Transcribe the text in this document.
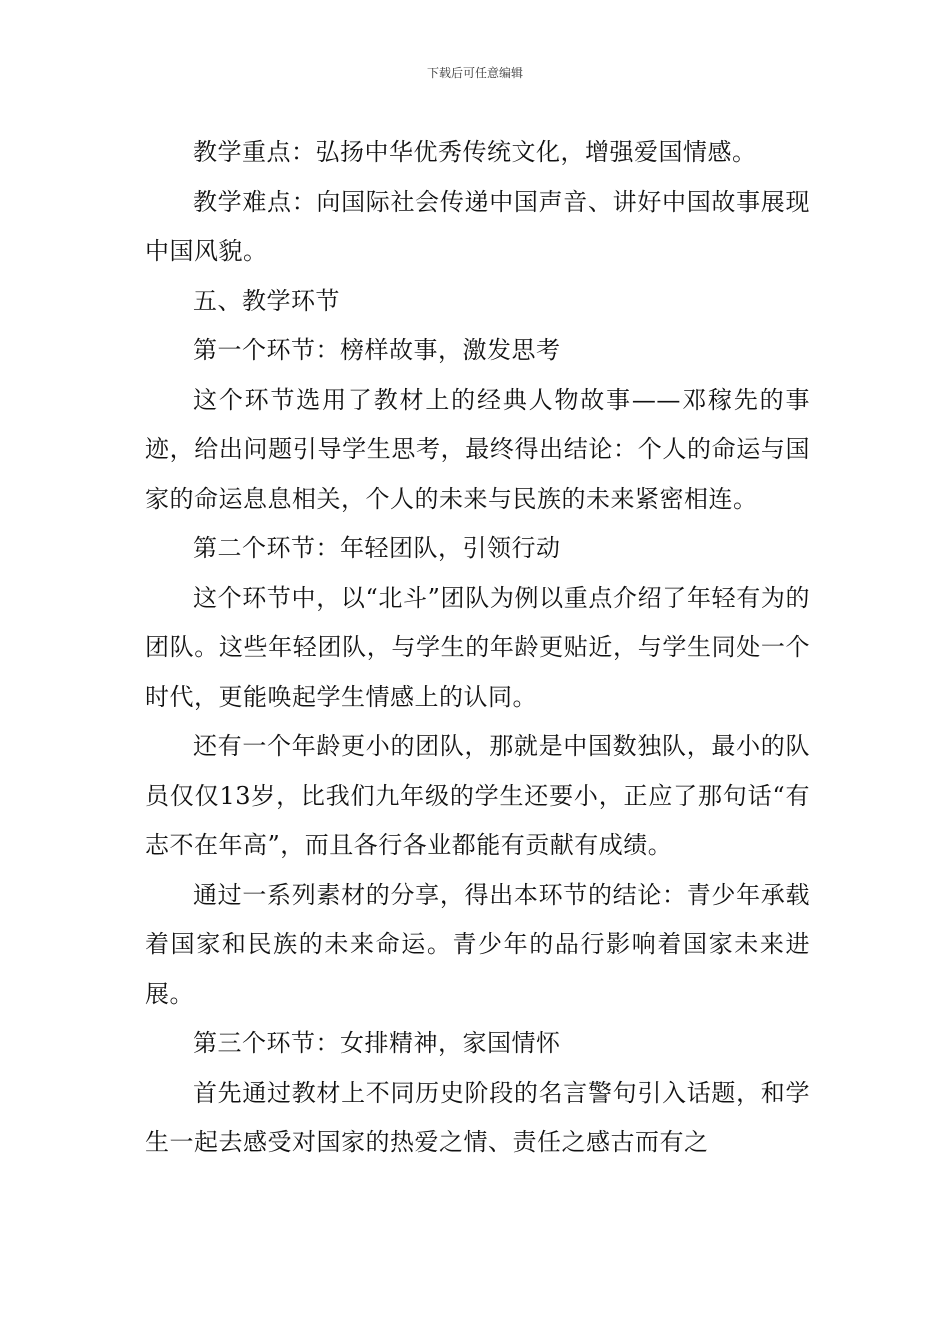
下载后可任意编辑

教学重点：弘扬中华优秀传统文化，增强爱国情感。

教学难点：向国际社会传递中国声音、讲好中国故事展现中国风貌。

五、教学环节

第一个环节：榜样故事，激发思考

这个环节选用了教材上的经典人物故事——邓稼先的事迹，给出问题引导学生思考，最终得出结论：个人的命运与国家的命运息息相关，个人的未来与民族的未来紧密相连。

第二个环节：年轻团队，引领行动

这个环节中，以“北斗”团队为例以重点介绍了年轻有为的团队。这些年轻团队，与学生的年龄更贴近，与学生同处一个时代，更能唤起学生情感上的认同。

还有一个年龄更小的团队，那就是中国数独队，最小的队员仅仅13岁，比我们九年级的学生还要小，正应了那句话“有志不在年高”，而且各行各业都能有贡献有成绩。

通过一系列素材的分享，得出本环节的结论：青少年承载着国家和民族的未来命运。青少年的品行影响着国家未来进展。

第三个环节：女排精神，家国情怀

首先通过教材上不同历史阶段的名言警句引入话题，和学生一起去感受对国家的热爱之情、责任之感古而有之
